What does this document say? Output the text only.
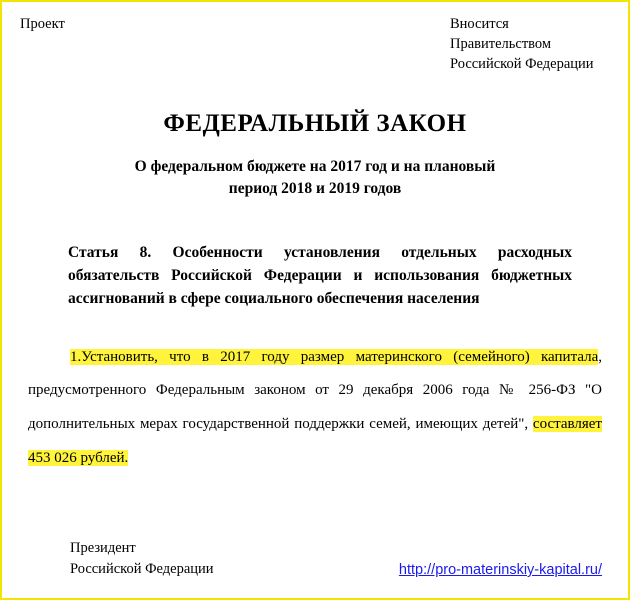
Проект	Вносится
Правительством
Российской Федерации
ФЕДЕРАЛЬНЫЙ ЗАКОН
О федеральном бюджете на 2017 год и на плановый
период 2018 и 2019 годов
Статья 8. Особенности установления отдельных расходных обязательств Российской Федерации и использования бюджетных ассигнований в сфере социального обеспечения населения
1.Установить, что в 2017 году размер материнского (семейного) капитала, предусмотренного Федеральным законом от 29 декабря 2006 года № 256-ФЗ "О дополнительных мерах государственной поддержки семей, имеющих детей", составляет 453 026 рублей.
Президент
Российской Федерации	http://pro-materinskiy-kapital.ru/
